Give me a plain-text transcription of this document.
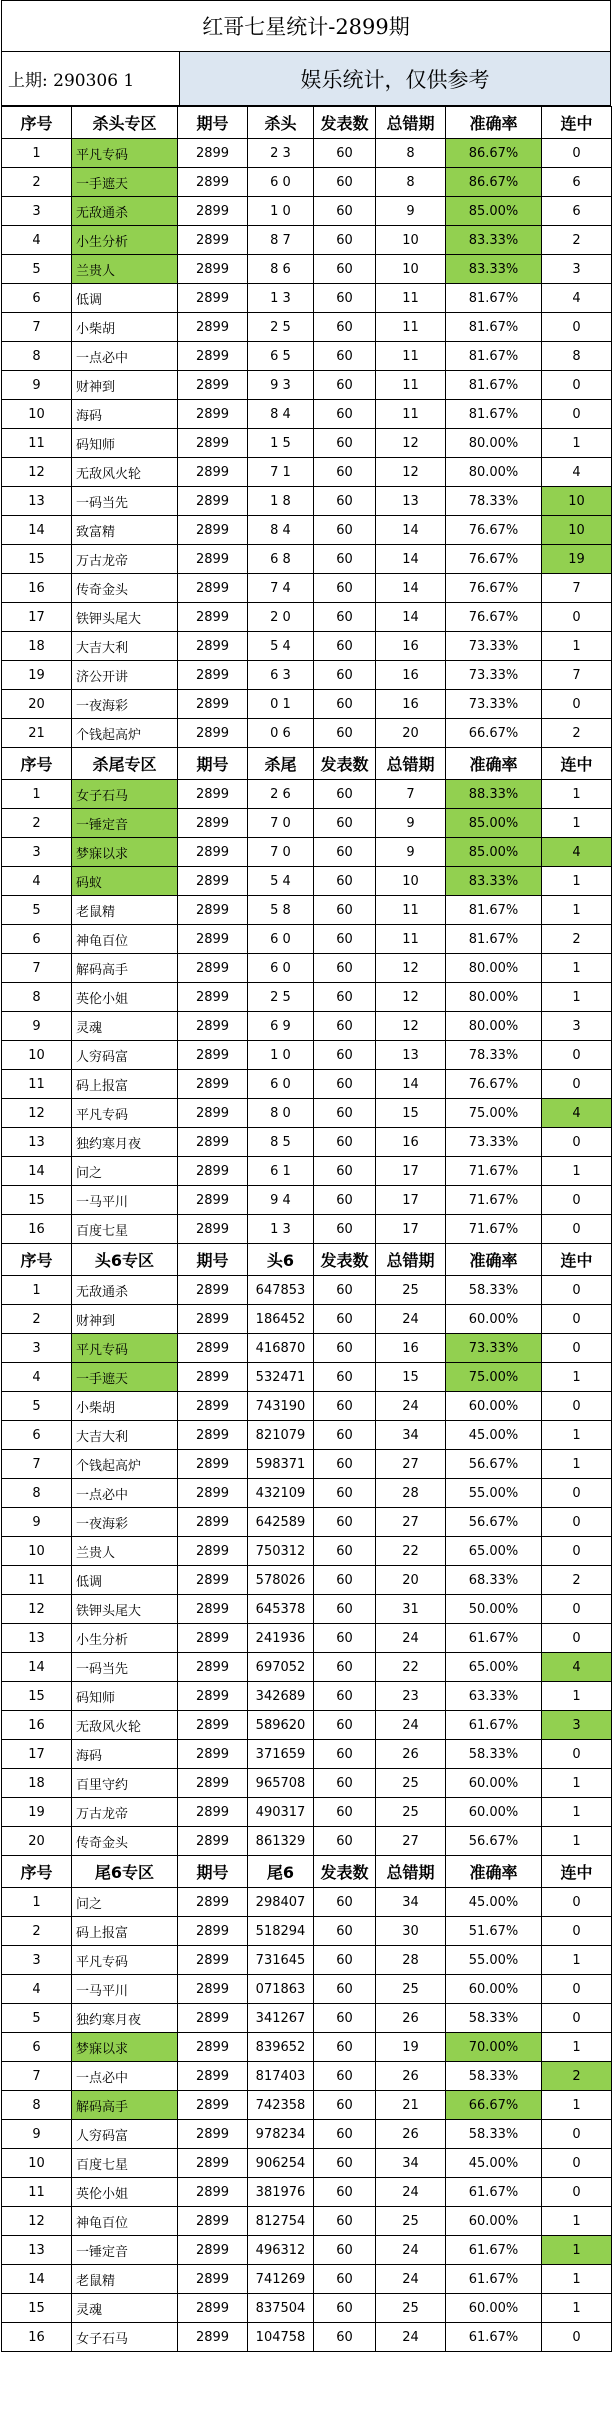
红哥七星统计-2899期
上期: 290306 1	娱乐统计，仅供参考
序号	杀头专区	期号	杀头	发表数	总错期	准确率	连中
1	平凡专码	2899	2 3	60	8	86.67%	0
2	一手遮天	2899	6 0	60	8	86.67%	6
3	无敌通杀	2899	1 0	60	9	85.00%	6
4	小生分析	2899	8 7	60	10	83.33%	2
5	兰贵人	2899	8 6	60	10	83.33%	3
6	低调	2899	1 3	60	11	81.67%	4
7	小柴胡	2899	2 5	60	11	81.67%	0
8	一点必中	2899	6 5	60	11	81.67%	8
9	财神到	2899	9 3	60	11	81.67%	0
10	海码	2899	8 4	60	11	81.67%	0
11	码知师	2899	1 5	60	12	80.00%	1
12	无敌风火轮	2899	7 1	60	12	80.00%	4
13	一码当先	2899	1 8	60	13	78.33%	10
14	致富精	2899	8 4	60	14	76.67%	10
15	万古龙帝	2899	6 8	60	14	76.67%	19
16	传奇金头	2899	7 4	60	14	76.67%	7
17	铁钾头尾大	2899	2 0	60	14	76.67%	0
18	大吉大利	2899	5 4	60	16	73.33%	1
19	济公开讲	2899	6 3	60	16	73.33%	7
20	一夜海彩	2899	0 1	60	16	73.33%	0
21	个钱起高炉	2899	0 6	60	20	66.67%	2
序号	杀尾专区	期号	杀尾	发表数	总错期	准确率	连中
1	女子石马	2899	2 6	60	7	88.33%	1
2	一锤定音	2899	7 0	60	9	85.00%	1
3	梦寐以求	2899	7 0	60	9	85.00%	4
4	码蚁	2899	5 4	60	10	83.33%	1
5	老鼠精	2899	5 8	60	11	81.67%	1
6	神龟百位	2899	6 0	60	11	81.67%	2
7	解码高手	2899	6 0	60	12	80.00%	1
8	英伦小姐	2899	2 5	60	12	80.00%	1
9	灵魂	2899	6 9	60	12	80.00%	3
10	人穷码富	2899	1 0	60	13	78.33%	0
11	码上报富	2899	6 0	60	14	76.67%	0
12	平凡专码	2899	8 0	60	15	75.00%	4
13	独约寒月夜	2899	8 5	60	16	73.33%	0
14	问之	2899	6 1	60	17	71.67%	1
15	一马平川	2899	9 4	60	17	71.67%	0
16	百度七星	2899	1 3	60	17	71.67%	0
序号	头6专区	期号	头6	发表数	总错期	准确率	连中
1	无敌通杀	2899	647853	60	25	58.33%	0
2	财神到	2899	186452	60	24	60.00%	0
3	平凡专码	2899	416870	60	16	73.33%	0
4	一手遮天	2899	532471	60	15	75.00%	1
5	小柴胡	2899	743190	60	24	60.00%	0
6	大吉大利	2899	821079	60	34	45.00%	1
7	个钱起高炉	2899	598371	60	27	56.67%	1
8	一点必中	2899	432109	60	28	55.00%	0
9	一夜海彩	2899	642589	60	27	56.67%	0
10	兰贵人	2899	750312	60	22	65.00%	0
11	低调	2899	578026	60	20	68.33%	2
12	铁钾头尾大	2899	645378	60	31	50.00%	0
13	小生分析	2899	241936	60	24	61.67%	0
14	一码当先	2899	697052	60	22	65.00%	4
15	码知师	2899	342689	60	23	63.33%	1
16	无敌风火轮	2899	589620	60	24	61.67%	3
17	海码	2899	371659	60	26	58.33%	0
18	百里守约	2899	965708	60	25	60.00%	1
19	万古龙帝	2899	490317	60	25	60.00%	1
20	传奇金头	2899	861329	60	27	56.67%	1
序号	尾6专区	期号	尾6	发表数	总错期	准确率	连中
1	问之	2899	298407	60	34	45.00%	0
2	码上报富	2899	518294	60	30	51.67%	0
3	平凡专码	2899	731645	60	28	55.00%	1
4	一马平川	2899	071863	60	25	60.00%	0
5	独约寒月夜	2899	341267	60	26	58.33%	0
6	梦寐以求	2899	839652	60	19	70.00%	1
7	一点必中	2899	817403	60	26	58.33%	2
8	解码高手	2899	742358	60	21	66.67%	1
9	人穷码富	2899	978234	60	26	58.33%	0
10	百度七星	2899	906254	60	34	45.00%	0
11	英伦小姐	2899	381976	60	24	61.67%	0
12	神龟百位	2899	812754	60	25	60.00%	1
13	一锤定音	2899	496312	60	24	61.67%	1
14	老鼠精	2899	741269	60	24	61.67%	1
15	灵魂	2899	837504	60	25	60.00%	1
16	女子石马	2899	104758	60	24	61.67%	0
